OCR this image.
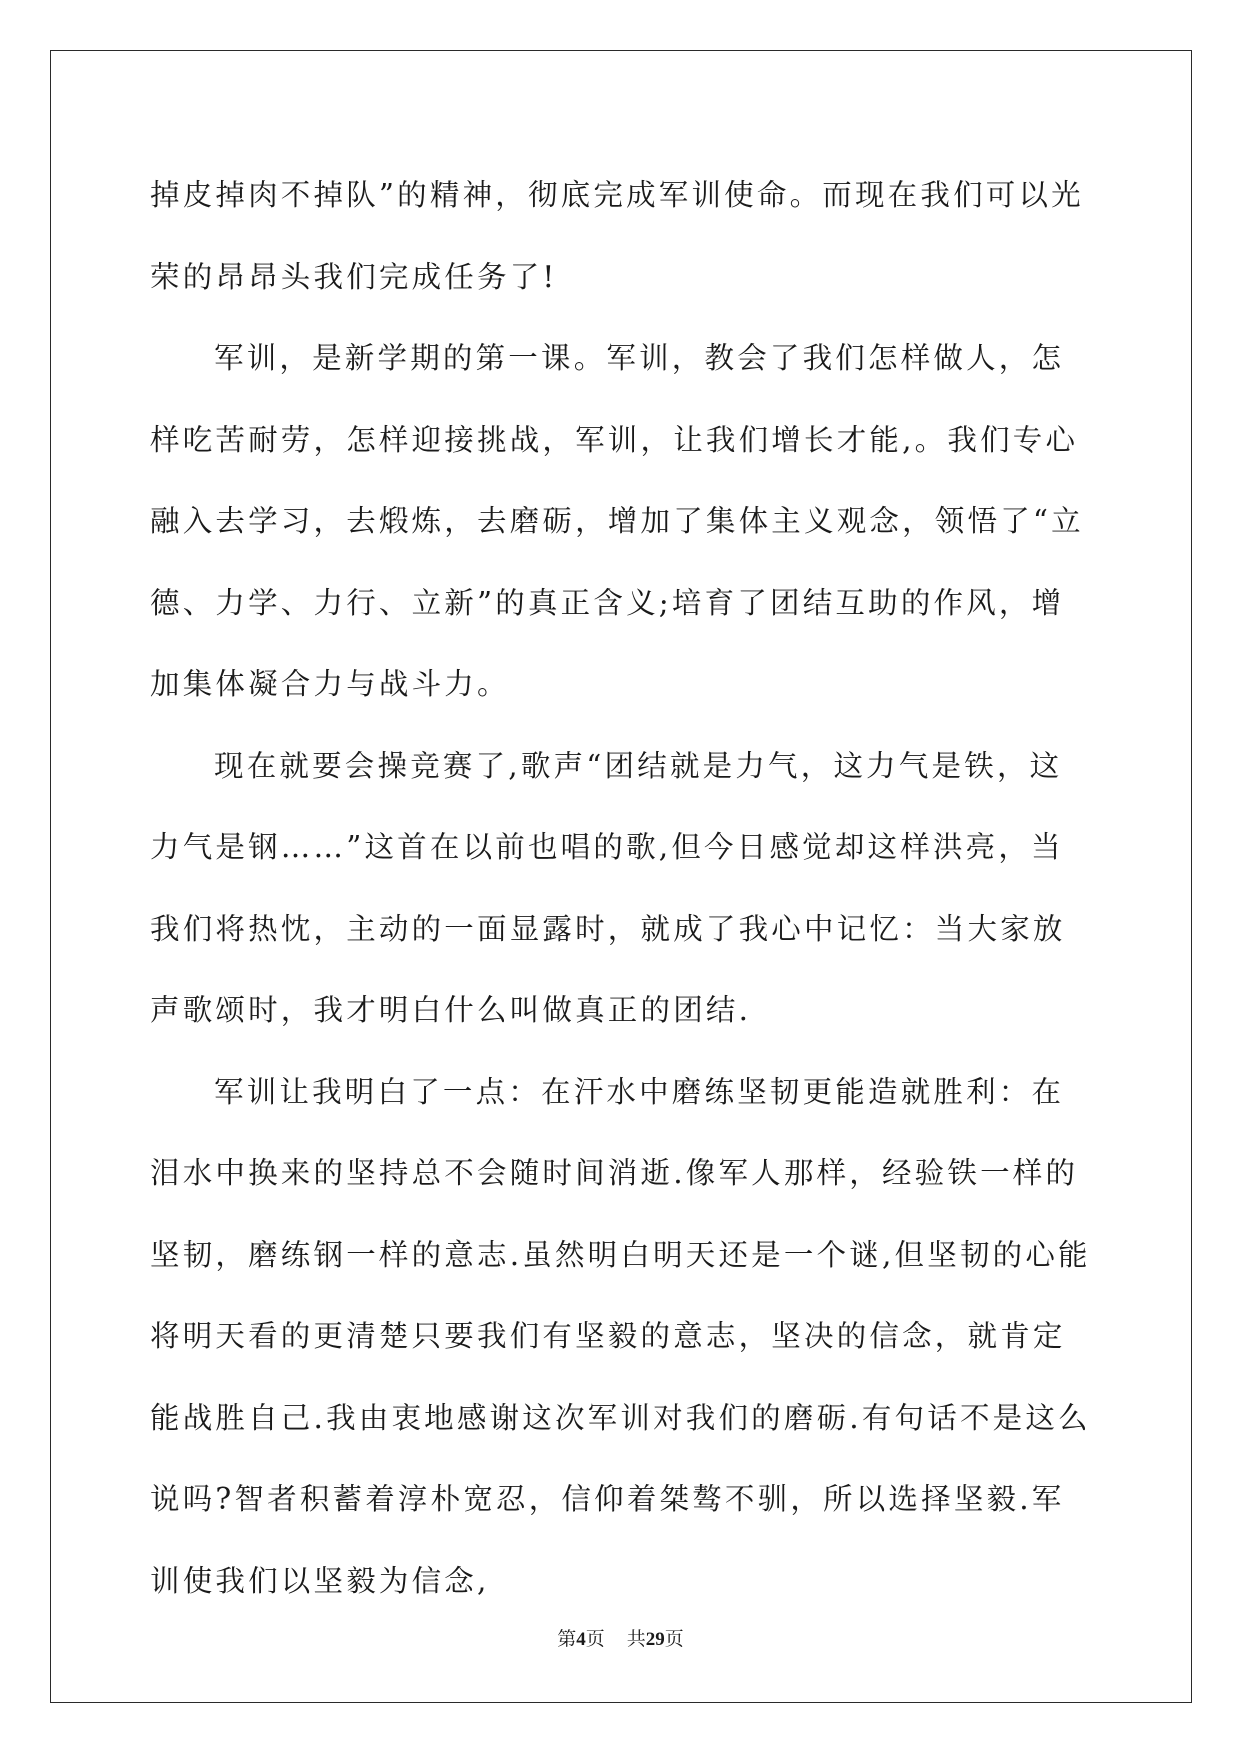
掉皮掉肉不掉队”的精神，彻底完成军训使命。而现在我们可以光荣的昂昂头我们完成任务了!

军训，是新学期的第一课。军训，教会了我们怎样做人，怎样吃苦耐劳，怎样迎接挑战，军训，让我们增长才能,。我们专心融入去学习，去煅炼，去磨砺，增加了集体主义观念，领悟了“立德、力学、力行、立新”的真正含义;培育了团结互助的作风，增加集体凝合力与战斗力。

现在就要会操竞赛了,歌声“团结就是力气，这力气是铁，这力气是钢……”这首在以前也唱的歌,但今日感觉却这样洪亮，当我们将热忱，主动的一面显露时，就成了我心中记忆：当大家放声歌颂时，我才明白什么叫做真正的团结.

军训让我明白了一点：在汗水中磨练坚韧更能造就胜利：在泪水中换来的坚持总不会随时间消逝.像军人那样，经验铁一样的坚韧，磨练钢一样的意志.虽然明白明天还是一个谜,但坚韧的心能将明天看的更清楚只要我们有坚毅的意志，坚决的信念，就肯定能战胜自己.我由衷地感谢这次军训对我们的磨砺.有句话不是这么说吗?智者积蓄着淳朴宽忍，信仰着桀骜不驯，所以选择坚毅.军训使我们以坚毅为信念,

第4页 共29页
